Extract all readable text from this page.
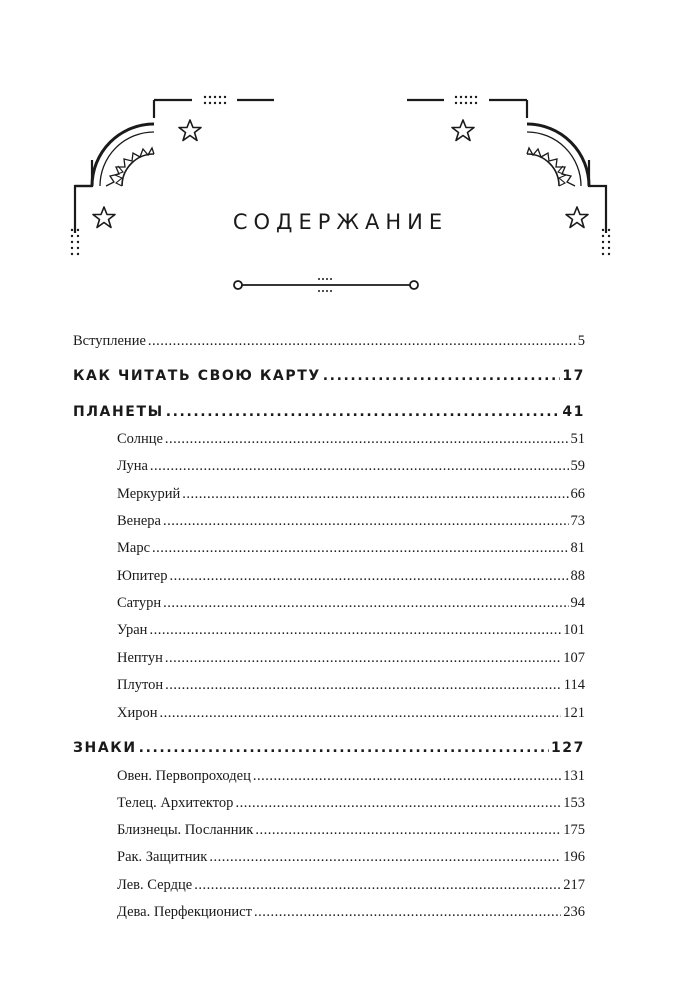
СОДЕРЖАНИЕ
Вступление .....	5
КАК ЧИТАТЬ СВОЮ КАРТУ .....	17
ПЛАНЕТЫ .....	41
Солнце .....	51
Луна .....	59
Меркурий .....	66
Венера .....	73
Марс .....	81
Юпитер .....	88
Сатурн .....	94
Уран .....	101
Нептун .....	107
Плутон .....	114
Хирон .....	121
ЗНАКИ .....	127
Овен. Первопроходец .....	131
Телец. Архитектор .....	153
Близнецы. Посланник .....	175
Рак. Защитник .....	196
Лев. Сердце .....	217
Дева. Перфекционист .....	236
